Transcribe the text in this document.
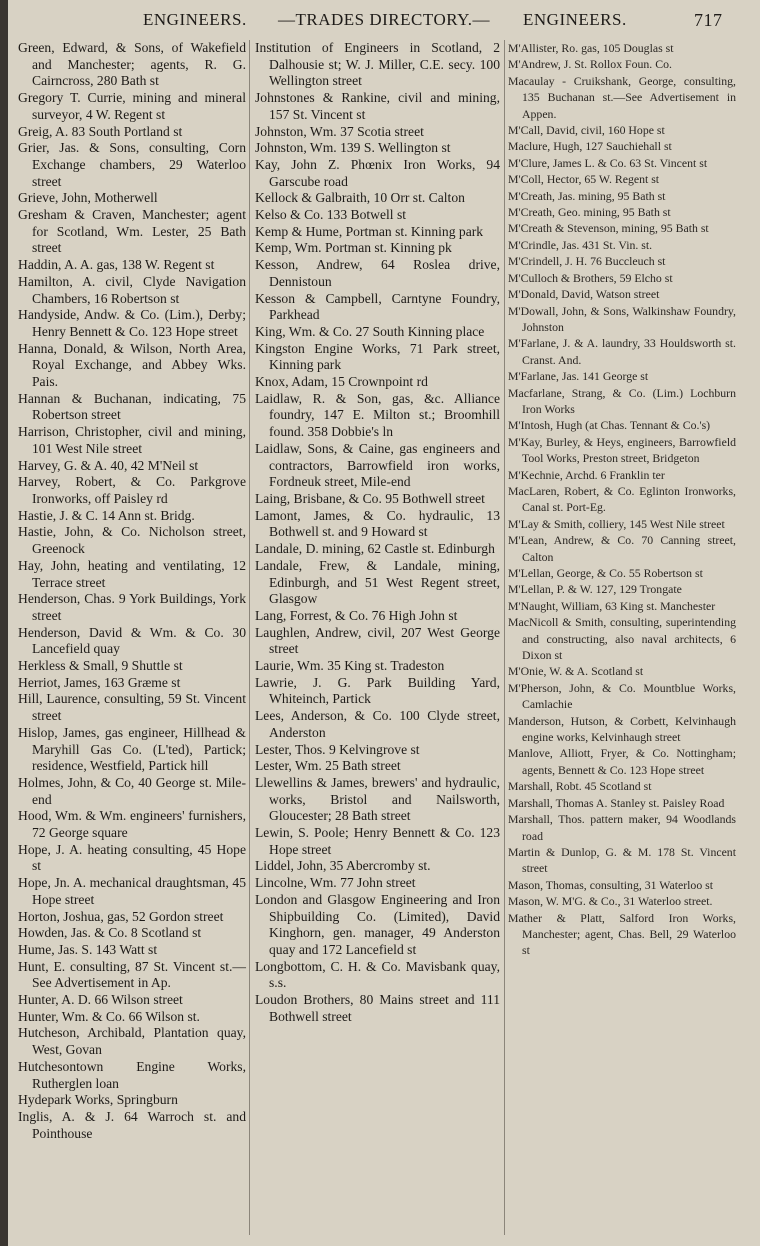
ENGINEERS. —TRADES DIRECTORY.— ENGINEERS.	717

Green, Edward, & Sons, of Wakefield and Manchester; agents, R. G. Cairncross, 280 Bath st

Gregory T. Currie, mining and mineral surveyor, 4 W. Regent st

Greig, A. 83 South Portland st

Grier, Jas. & Sons, consulting, Corn Exchange chambers, 29 Waterloo street

Grieve, John, Motherwell

Gresham & Craven, Manchester; agent for Scotland, Wm. Lester, 25 Bath street

Haddin, A. A. gas, 138 W. Regent st

Hamilton, A. civil, Clyde Navigation Chambers, 16 Robertson st

Handyside, Andw. & Co. (Lim.), Derby; Henry Bennett & Co. 123 Hope street

Hanna, Donald, & Wilson, North Area, Royal Exchange, and Abbey Wks. Pais.

Hannan & Buchanan, indicating, 75 Robertson street

Harrison, Christopher, civil and mining, 101 West Nile street

Harvey, G. & A. 40, 42 M'Neil st

Harvey, Robert, & Co. Parkgrove Ironworks, off Paisley rd

Hastie, J. & C. 14 Ann st. Bridg.

Hastie, John, & Co. Nicholson street, Greenock

Hay, John, heating and ventilating, 12 Terrace street

Henderson, Chas. 9 York Buildings, York street

Henderson, David & Wm. & Co. 30 Lancefield quay

Herkless & Small, 9 Shuttle st

Herriot, James, 163 Græme st

Hill, Laurence, consulting, 59 St. Vincent street

Hislop, James, gas engineer, Hillhead & Maryhill Gas Co. (L'ted), Partick; residence, Westfield, Partick hill

Holmes, John, & Co, 40 George st. Mile-end

Hood, Wm. & Wm. engineers' furnishers, 72 George square

Hope, J. A. heating consulting, 45 Hope st

Hope, Jn. A. mechanical draughtsman, 45 Hope street

Horton, Joshua, gas, 52 Gordon street

Howden, Jas. & Co. 8 Scotland st

Hume, Jas. S. 143 Watt st

Hunt, E. consulting, 87 St. Vincent st.—See Advertisement in Ap.

Hunter, A. D. 66 Wilson street

Hunter, Wm. & Co. 66 Wilson st.

Hutcheson, Archibald, Plantation quay, West, Govan

Hutchesontown Engine Works, Rutherglen loan

Hydepark Works, Springburn

Inglis, A. & J. 64 Warroch st. and Pointhouse

Institution of Engineers in Scotland, 2 Dalhousie st; W. J. Miller, C.E. secy. 100 Wellington street

Johnstones & Rankine, civil and mining, 157 St. Vincent st

Johnston, Wm. 37 Scotia street

Johnston, Wm. 139 S. Wellington st

Kay, John Z. Phœnix Iron Works, 94 Garscube road

Kellock & Galbraith, 10 Orr st. Calton

Kelso & Co. 133 Botwell st

Kemp & Hume, Portman st. Kinning park

Kemp, Wm. Portman st. Kinning pk

Kesson, Andrew, 64 Roslea drive, Dennistoun

Kesson & Campbell, Carntyne Foundry, Parkhead

King, Wm. & Co. 27 South Kinning place

Kingston Engine Works, 71 Park street, Kinning park

Knox, Adam, 15 Crownpoint rd

Laidlaw, R. & Son, gas, &c. Alliance foundry, 147 E. Milton st.; Broomhill found. 358 Dobbie's ln

Laidlaw, Sons, & Caine, gas engineers and contractors, Barrowfield iron works, Fordneuk street, Mile-end

Laing, Brisbane, & Co. 95 Bothwell street

Lamont, James, & Co. hydraulic, 13 Bothwell st. and 9 Howard st

Landale, D. mining, 62 Castle st. Edinburgh

Landale, Frew, & Landale, mining, Edinburgh, and 51 West Regent street, Glasgow

Lang, Forrest, & Co. 76 High John st

Laughlen, Andrew, civil, 207 West George street

Laurie, Wm. 35 King st. Tradeston

Lawrie, J. G. Park Building Yard, Whiteinch, Partick

Lees, Anderson, & Co. 100 Clyde street, Anderston

Lester, Thos. 9 Kelvingrove st

Lester, Wm. 25 Bath street

Llewellins & James, brewers' and hydraulic, works, Bristol and Nailsworth, Gloucester; 28 Bath street

Lewin, S. Poole; Henry Bennett & Co. 123 Hope street

Liddel, John, 35 Abercromby st.

Lincolne, Wm. 77 John street

London and Glasgow Engineering and Iron Shipbuilding Co. (Limited), David Kinghorn, gen. manager, 49 Anderston quay and 172 Lancefield st

Longbottom, C. H. & Co. Mavisbank quay, s.s.

Loudon Brothers, 80 Mains street and 111 Bothwell street

M'Allister, Ro. gas, 105 Douglas st

M'Andrew, J. St. Rollox Foun. Co.

Macaulay - Cruikshank, George, consulting, 135 Buchanan st.—See Advertisement in Appen.

M'Call, David, civil, 160 Hope st

Maclure, Hugh, 127 Sauchiehall st

M'Clure, James L. & Co. 63 St. Vincent st

M'Coll, Hector, 65 W. Regent st

M'Creath, Jas. mining, 95 Bath st

M'Creath, Geo. mining, 95 Bath st

M'Creath & Stevenson, mining, 95 Bath st

M'Crindle, Jas. 431 St. Vin. st.

M'Crindell, J. H. 76 Buccleuch st

M'Culloch & Brothers, 59 Elcho st

M'Donald, David, Watson street

M'Dowall, John, & Sons, Walkinshaw Foundry, Johnston

M'Farlane, J. & A. laundry, 33 Houldsworth st. Cranst. And.

M'Farlane, Jas. 141 George st

Macfarlane, Strang, & Co. (Lim.) Lochburn Iron Works

M'Intosh, Hugh (at Chas. Tennant & Co.'s)

M'Kay, Burley, & Heys, engineers, Barrowfield Tool Works, Preston street, Bridgeton

M'Kechnie, Archd. 6 Franklin ter

MacLaren, Robert, & Co. Eglinton Ironworks, Canal st. Port-Eg.

M'Lay & Smith, colliery, 145 West Nile street

M'Lean, Andrew, & Co. 70 Canning street, Calton

M'Lellan, George, & Co. 55 Robertson st

M'Lellan, P. & W. 127, 129 Trongate

M'Naught, William, 63 King st. Manchester

MacNicoll & Smith, consulting, superintending and constructing, also naval architects, 6 Dixon st

M'Onie, W. & A. Scotland st

M'Pherson, John, & Co. Mountblue Works, Camlachie

Manderson, Hutson, & Corbett, Kelvinhaugh engine works, Kelvinhaugh street

Manlove, Alliott, Fryer, & Co. Nottingham; agents, Bennett & Co. 123 Hope street

Marshall, Robt. 45 Scotland st

Marshall, Thomas A. Stanley st. Paisley Road

Marshall, Thos. pattern maker, 94 Woodlands road

Martin & Dunlop, G. & M. 178 St. Vincent street

Mason, Thomas, consulting, 31 Waterloo st

Mason, W. M'G. & Co., 31 Waterloo street.

Mather & Platt, Salford Iron Works, Manchester; agent, Chas. Bell, 29 Waterloo st
